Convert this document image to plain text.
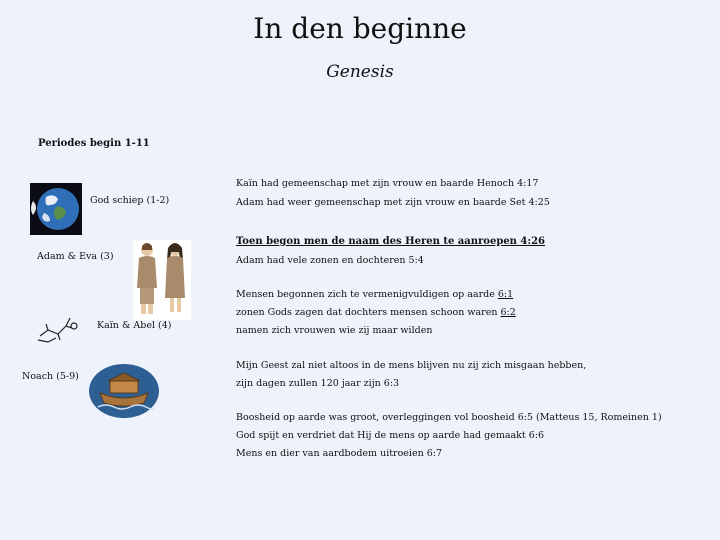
In den beginne
Genesis
Periodes begin 1-11
God schiep (1-2)
Adam & Eva (3)
Kaïn & Abel (4)
Noach (5-9)
Kaïn had gemeenschap met zijn vrouw en baarde Henoch 4:17
Adam had weer gemeenschap met zijn vrouw en baarde Set 4:25
Toen begon men de naam des Heren te aanroepen 4:26
Adam had vele zonen en dochteren 5:4
Mensen begonnen zich te vermenigvuldigen op aarde 6:1
zonen Gods zagen dat dochters mensen schoon waren 6:2
namen zich vrouwen wie zij maar wilden
Mijn Geest zal niet altoos in de mens blijven nu zij zich misgaan hebben,
zijn dagen zullen 120 jaar zijn 6:3
Boosheid op aarde was groot, overleggingen vol boosheid 6:5 (Matteus 15, Romeinen 1)
God spijt en verdriet dat Hij de mens op aarde had gemaakt 6:6
Mens en dier van aardbodem uitroeien 6:7
